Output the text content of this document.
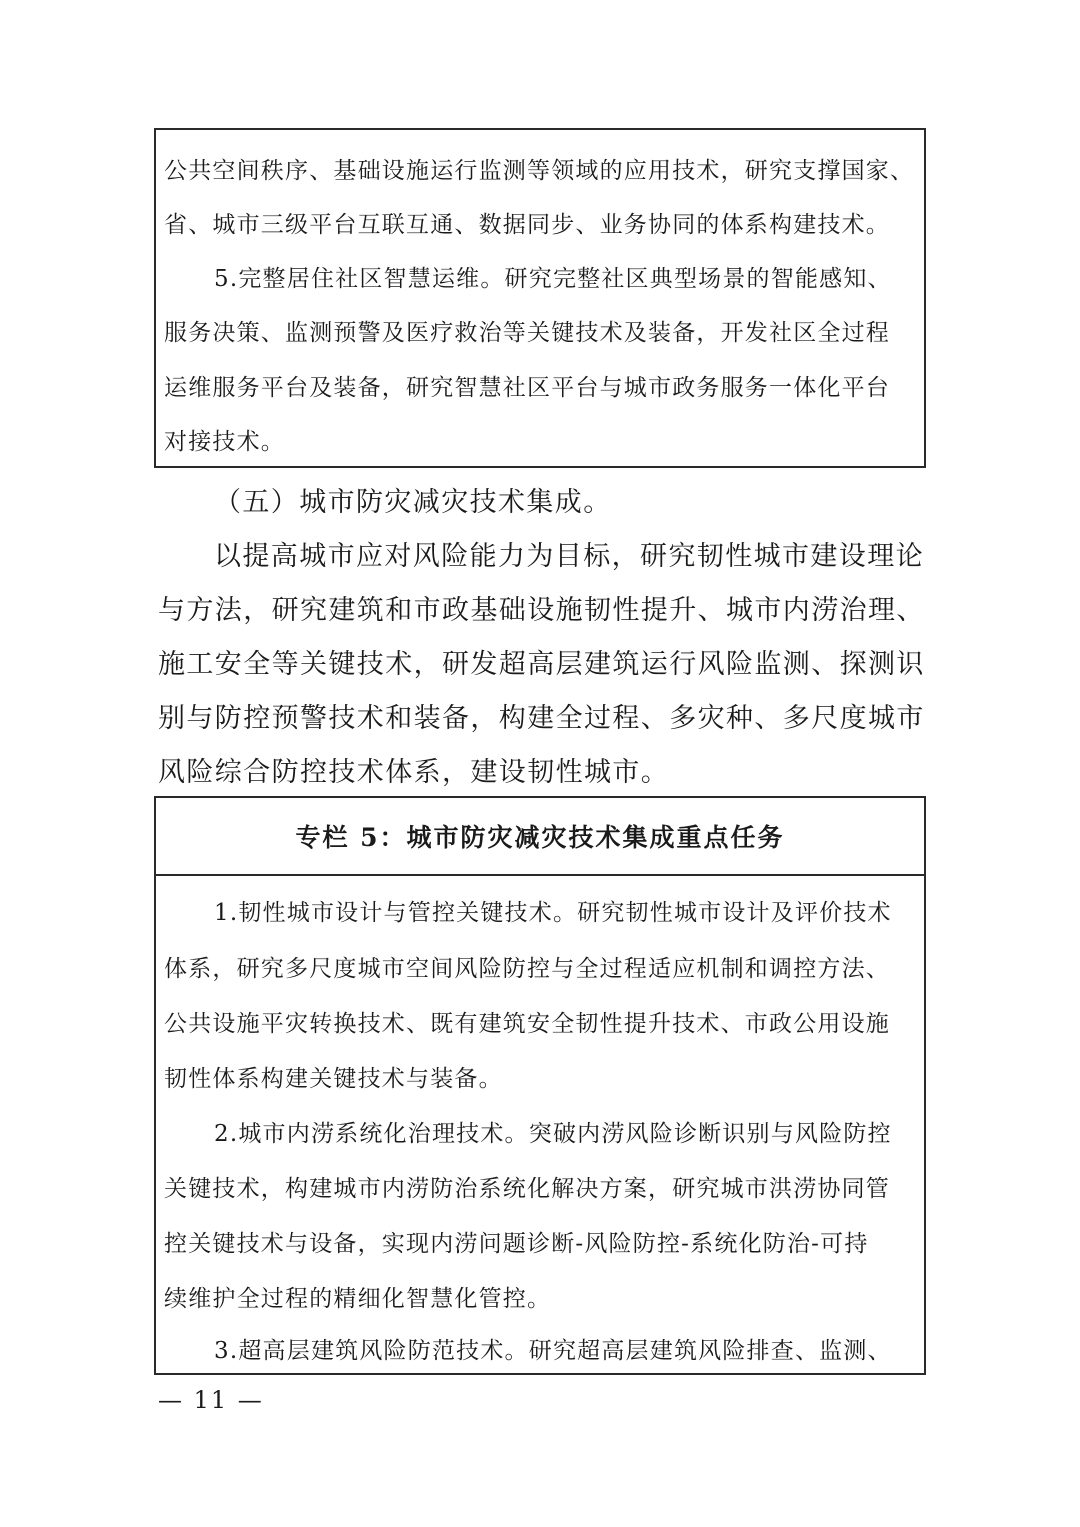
公共空间秩序、基础设施运行监测等领域的应用技术，研究支撑国家、
省、城市三级平台互联互通、数据同步、业务协同的体系构建技术。
5.完整居住社区智慧运维。研究完整社区典型场景的智能感知、
服务决策、监测预警及医疗救治等关键技术及装备，开发社区全过程
运维服务平台及装备，研究智慧社区平台与城市政务服务一体化平台
对接技术。
（五）城市防灾减灾技术集成。
以提高城市应对风险能力为目标，研究韧性城市建设理论
与方法，研究建筑和市政基础设施韧性提升、城市内涝治理、
施工安全等关键技术，研发超高层建筑运行风险监测、探测识
别与防控预警技术和装备，构建全过程、多灾种、多尺度城市
风险综合防控技术体系，建设韧性城市。
专栏 5：城市防灾减灾技术集成重点任务
1.韧性城市设计与管控关键技术。研究韧性城市设计及评价技术
体系，研究多尺度城市空间风险防控与全过程适应机制和调控方法、
公共设施平灾转换技术、既有建筑安全韧性提升技术、市政公用设施
韧性体系构建关键技术与装备。
2.城市内涝系统化治理技术。突破内涝风险诊断识别与风险防控
关键技术，构建城市内涝防治系统化解决方案，研究城市洪涝协同管
控关键技术与设备，实现内涝问题诊断-风险防控-系统化防治-可持
续维护全过程的精细化智慧化管控。
3.超高层建筑风险防范技术。研究超高层建筑风险排查、监测、
— 11 —
